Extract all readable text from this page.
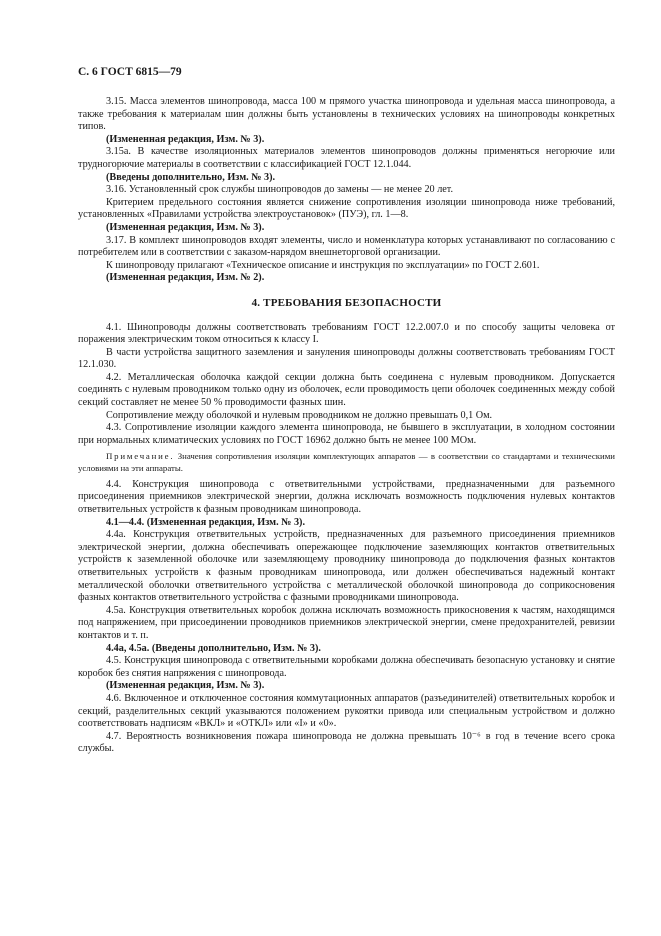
С. 6 ГОСТ 6815—79

3.15. Масса элементов шинопровода, масса 100 м прямого участка шинопровода и удельная масса шинопровода, а также требования к материалам шин должны быть установлены в технических условиях на шинопроводы конкретных типов.

(Измененная редакция, Изм. № 3).

3.15а. В качестве изоляционных материалов элементов шинопроводов должны применяться негорючие или трудногорючие материалы в соответствии с классификацией ГОСТ 12.1.044.

(Введены дополнительно, Изм. № 3).

3.16. Установленный срок службы шинопроводов до замены — не менее 20 лет.

Критерием предельного состояния является снижение сопротивления изоляции шинопровода ниже требований, установленных «Правилами устройства электроустановок» (ПУЭ), гл. 1—8.

(Измененная редакция, Изм. № 3).

3.17. В комплект шинопроводов входят элементы, число и номенклатура которых устанавливают по согласованию с потребителем или в соответствии с заказом-нарядом внешнеторговой организации.

К шинопроводу прилагают «Техническое описание и инструкция по эксплуатации» по ГОСТ 2.601.

(Измененная редакция, Изм. № 2).

4. ТРЕБОВАНИЯ БЕЗОПАСНОСТИ

4.1. Шинопроводы должны соответствовать требованиям ГОСТ 12.2.007.0 и по способу защиты человека от поражения электрическим током относиться к классу I.

В части устройства защитного заземления и зануления шинопроводы должны соответствовать требованиям ГОСТ 12.1.030.

4.2. Металлическая оболочка каждой секции должна быть соединена с нулевым проводником. Допускается соединять с нулевым проводником только одну из оболочек, если проводимость цепи оболочек соединенных между собой секций составляет не менее 50 % проводимости фазных шин.

Сопротивление между оболочкой и нулевым проводником не должно превышать 0,1 Ом.

4.3. Сопротивление изоляции каждого элемента шинопровода, не бывшего в эксплуатации, в холодном состоянии при нормальных климатических условиях по ГОСТ 16962 должно быть не менее 100 МОм.

Примечание. Значения сопротивления изоляции комплектующих аппаратов — в соответствии со стандартами и техническими условиями на эти аппараты.

4.4. Конструкция шинопровода с ответвительными устройствами, предназначенными для разъемного присоединения приемников электрической энергии, должна исключать возможность подключения нулевых контактов ответвительных устройств к фазным проводникам шинопровода.

4.1—4.4. (Измененная редакция, Изм. № 3).

4.4а. Конструкция ответвительных устройств, предназначенных для разъемного присоединения приемников электрической энергии, должна обеспечивать опережающее подключение заземляющих контактов ответвительных устройств к заземленной оболочке или заземляющему проводнику шинопровода до подключения фазных контактов ответвительных устройств к фазным проводникам шинопровода, или должен обеспечиваться надежный контакт металлической оболочки ответвительного устройства с металлической оболочкой шинопровода до соприкосновения фазных контактов ответвительного устройства с фазными проводниками шинопровода.

4.5а. Конструкция ответвительных коробок должна исключать возможность прикосновения к частям, находящимся под напряжением, при присоединении проводников приемников электрической энергии, смене предохранителей, ревизии контактов и т. п.

4.4а, 4.5а. (Введены дополнительно, Изм. № 3).

4.5. Конструкция шинопровода с ответвительными коробками должна обеспечивать безопасную установку и снятие коробок без снятия напряжения с шинопровода.

(Измененная редакция, Изм. № 3).

4.6. Включенное и отключенное состояния коммутационных аппаратов (разъединителей) ответвительных коробок и секций, разделительных секций указываются положением рукоятки привода или специальным устройством и должно соответствовать надписям «ВКЛ» и «ОТКЛ» или «I» и «0».

4.7. Вероятность возникновения пожара шинопровода не должна превышать 10⁻⁶ в год в течение всего срока службы.
